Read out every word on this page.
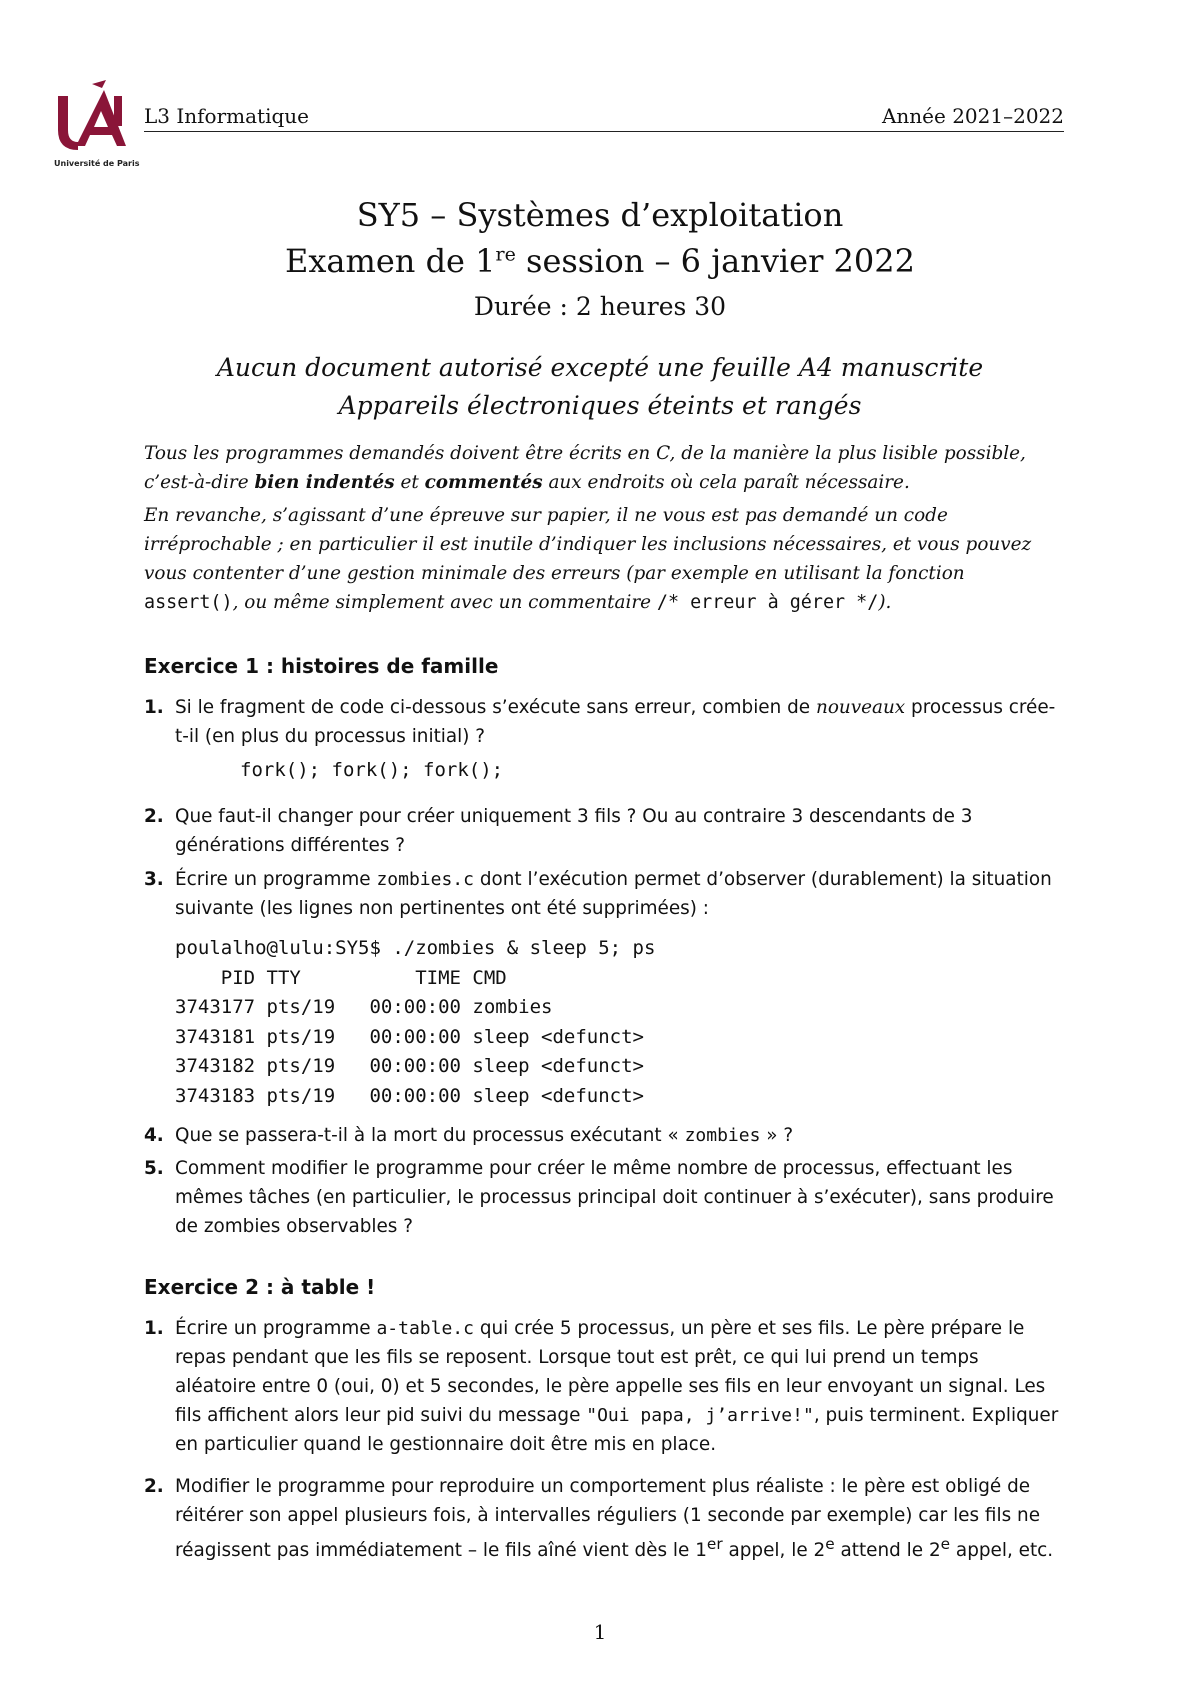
Université de Paris
L3 Informatique	Année 2021–2022
SY5 – Systèmes d’exploitation
Examen de 1re session – 6 janvier 2022
Durée : 2 heures 30
Aucun document autorisé excepté une feuille A4 manuscrite
Appareils électroniques éteints et rangés
Tous les programmes demandés doivent être écrits en C, de la manière la plus lisible possible, c’est-à-dire bien indentés et commentés aux endroits où cela paraît nécessaire.
En revanche, s’agissant d’une épreuve sur papier, il ne vous est pas demandé un code irréprochable ; en particulier il est inutile d’indiquer les inclusions nécessaires, et vous pouvez vous contenter d’une gestion minimale des erreurs (par exemple en utilisant la fonction assert(), ou même simplement avec un commentaire /* erreur à gérer */).
Exercice 1 : histoires de famille
1. Si le fragment de code ci-dessous s’exécute sans erreur, combien de nouveaux processus crée-t-il (en plus du processus initial) ?
fork(); fork(); fork();
2. Que faut-il changer pour créer uniquement 3 fils ? Ou au contraire 3 descendants de 3 générations différentes ?
3. Écrire un programme zombies.c dont l’exécution permet d’observer (durablement) la situation suivante (les lignes non pertinentes ont été supprimées) :
poulalho@lulu:SY5$ ./zombies & sleep 5; ps
PID TTY          TIME CMD
3743177 pts/19   00:00:00 zombies
3743181 pts/19   00:00:00 sleep <defunct>
3743182 pts/19   00:00:00 sleep <defunct>
3743183 pts/19   00:00:00 sleep <defunct>
4. Que se passera-t-il à la mort du processus exécutant « zombies » ?
5. Comment modifier le programme pour créer le même nombre de processus, effectuant les mêmes tâches (en particulier, le processus principal doit continuer à s’exécuter), sans produire de zombies observables ?
Exercice 2 : à table !
1. Écrire un programme a-table.c qui crée 5 processus, un père et ses fils. Le père prépare le repas pendant que les fils se reposent. Lorsque tout est prêt, ce qui lui prend un temps aléatoire entre 0 (oui, 0) et 5 secondes, le père appelle ses fils en leur envoyant un signal. Les fils affichent alors leur pid suivi du message "Oui papa, j’arrive!", puis terminent. Expliquer en particulier quand le gestionnaire doit être mis en place.
2. Modifier le programme pour reproduire un comportement plus réaliste : le père est obligé de réitérer son appel plusieurs fois, à intervalles réguliers (1 seconde par exemple) car les fils ne réagissent pas immédiatement – le fils aîné vient dès le 1er appel, le 2e attend le 2e appel, etc.
1
